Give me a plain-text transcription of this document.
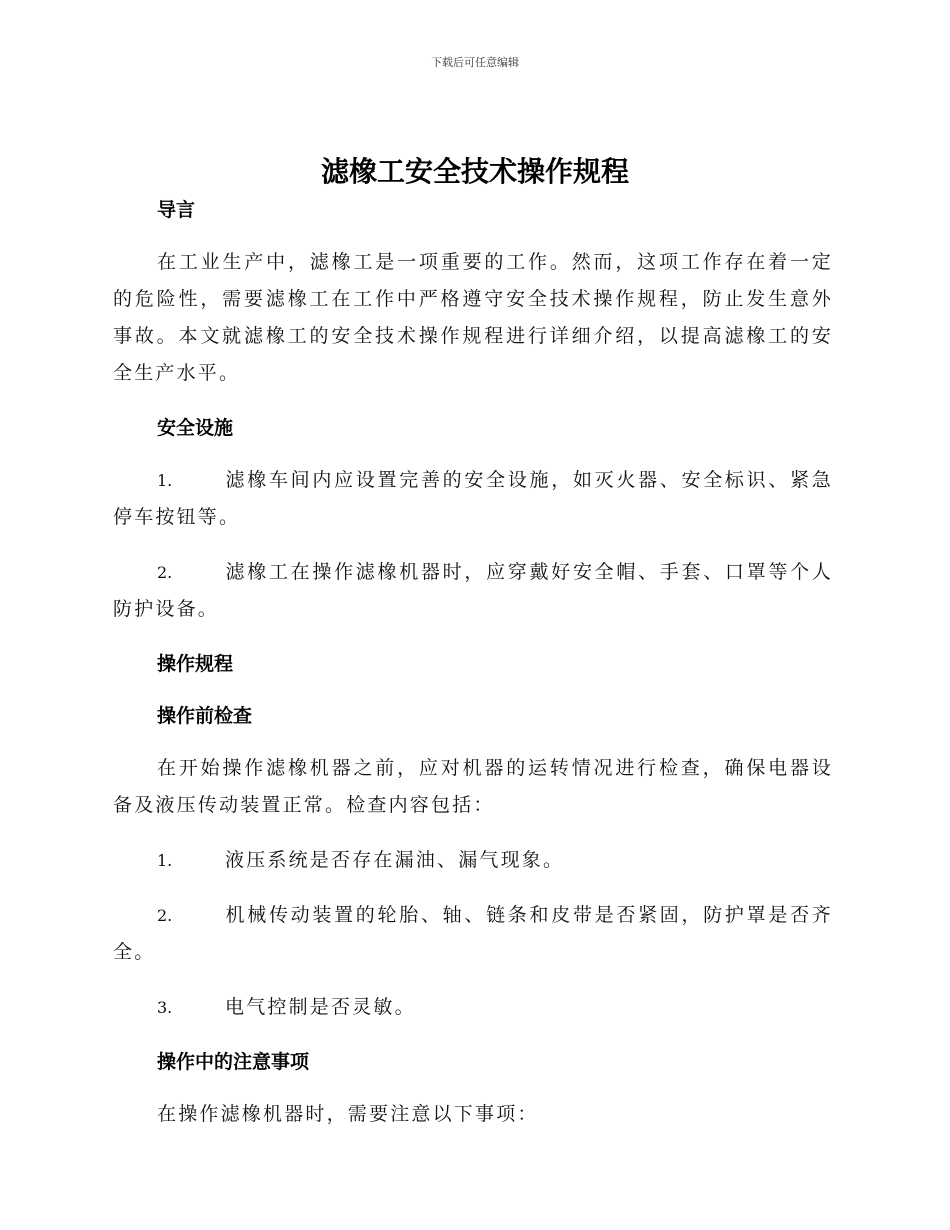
下载后可任意编辑
滤橡工安全技术操作规程
导言

在工业生产中，滤橡工是一项重要的工作。然而，这项工作存在着一定的危险性，需要滤橡工在工作中严格遵守安全技术操作规程，防止发生意外事故。本文就滤橡工的安全技术操作规程进行详细介绍，以提高滤橡工的安全生产水平。

安全设施

1.	滤橡车间内应设置完善的安全设施，如灭火器、安全标识、紧急停车按钮等。

2.	滤橡工在操作滤橡机器时，应穿戴好安全帽、手套、口罩等个人防护设备。

操作规程
操作前检查

在开始操作滤橡机器之前，应对机器的运转情况进行检查，确保电器设备及液压传动装置正常。检查内容包括：

1.	液压系统是否存在漏油、漏气现象。

2.	机械传动装置的轮胎、轴、链条和皮带是否紧固，防护罩是否齐全。

3.	电气控制是否灵敏。

操作中的注意事项

在操作滤橡机器时，需要注意以下事项：
